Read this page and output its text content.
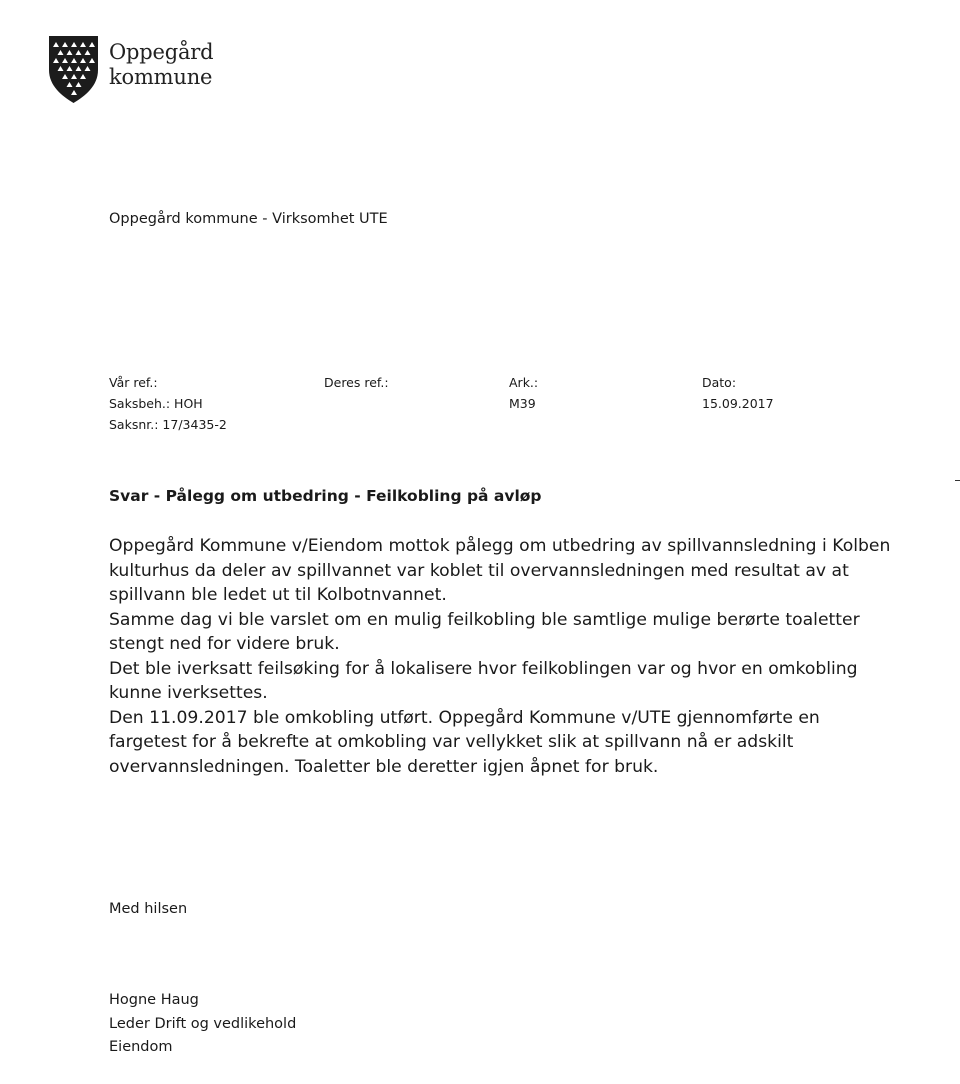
Oppegård
kommune
Oppegård kommune - Virksomhet UTE
Vår ref.:
Saksbeh.: HOH
Saksnr.: 17/3435-2
Deres ref.:	Ark.:
M39
Dato:
15.09.2017
Svar - Pålegg om utbedring - Feilkobling på avløp
Oppegård Kommune v/Eiendom mottok pålegg om utbedring av spillvannsledning i Kolben
kulturhus da deler av spillvannet var koblet til overvannsledningen med resultat av at
spillvann ble ledet ut til Kolbotnvannet.
Samme dag vi ble varslet om en mulig feilkobling ble samtlige mulige berørte toaletter
stengt ned for videre bruk.
Det ble iverksatt feilsøking for å lokalisere hvor feilkoblingen var og hvor en omkobling
kunne iverksettes.
Den 11.09.2017 ble omkobling utført. Oppegård Kommune v/UTE gjennomførte en
fargetest for å bekrefte at omkobling var vellykket slik at spillvann nå er adskilt
overvannsledningen. Toaletter ble deretter igjen åpnet for bruk.
Med hilsen
Hogne Haug
Leder Drift og vedlikehold
Eiendom
